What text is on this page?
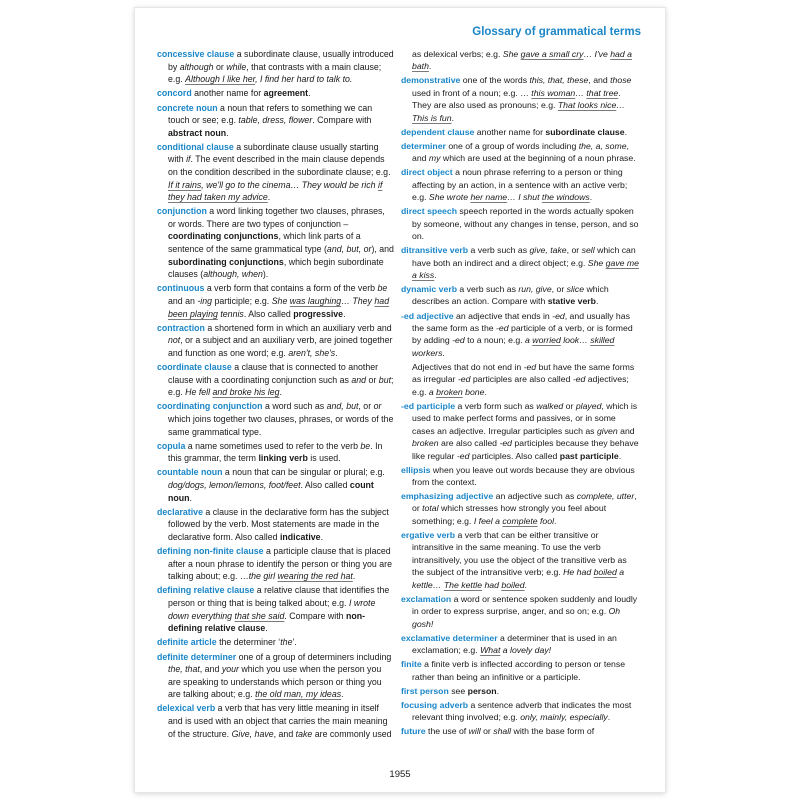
Glossary of grammatical terms

concessive clause a subordinate clause, usually introduced by although or while, that contrasts with a main clause; e.g. Although I like her, I find her hard to talk to.

concord another name for agreement.

concrete noun a noun that refers to something we can touch or see; e.g. table, dress, flower. Compare with abstract noun.

conditional clause a subordinate clause usually starting with if. The event described in the main clause depends on the condition described in the subordinate clause; e.g. If it rains, we'll go to the cinema… They would be rich if they had taken my advice.

conjunction a word linking together two clauses, phrases, or words. There are two types of conjunction – coordinating conjunctions, which link parts of a sentence of the same grammatical type (and, but, or), and subordinating conjunctions, which begin subordinate clauses (although, when).

continuous a verb form that contains a form of the verb be and an -ing participle; e.g. She was laughing… They had been playing tennis. Also called progressive.

contraction a shortened form in which an auxiliary verb and not, or a subject and an auxiliary verb, are joined together and function as one word; e.g. aren't, she's.

coordinate clause a clause that is connected to another clause with a coordinating conjunction such as and or but; e.g. He fell and broke his leg.

coordinating conjunction a word such as and, but, or or which joins together two clauses, phrases, or words of the same grammatical type.

copula a name sometimes used to refer to the verb be. In this grammar, the term linking verb is used.

countable noun a noun that can be singular or plural; e.g. dog/dogs, lemon/lemons, foot/feet. Also called count noun.

declarative a clause in the declarative form has the subject followed by the verb. Most statements are made in the declarative form. Also called indicative.

defining non-finite clause a participle clause that is placed after a noun phrase to identify the person or thing you are talking about; e.g. …the girl wearing the red hat.

defining relative clause a relative clause that identifies the person or thing that is being talked about; e.g. I wrote down everything that she said. Compare with non-defining relative clause.

definite article the determiner ‘the’.

definite determiner one of a group of determiners including the, that, and your which you use when the person you are speaking to understands which person or thing you are talking about; e.g. the old man, my ideas.

delexical verb a verb that has very little meaning in itself and is used with an object that carries the main meaning of the structure. Give, have, and take are commonly used

as delexical verbs; e.g. She gave a small cry… I've had a bath.

demonstrative one of the words this, that, these, and those used in front of a noun; e.g. … this woman… that tree. They are also used as pronouns; e.g. That looks nice… This is fun.

dependent clause another name for subordinate clause.

determiner one of a group of words including the, a, some, and my which are used at the beginning of a noun phrase.

direct object a noun phrase referring to a person or thing affecting by an action, in a sentence with an active verb; e.g. She wrote her name… I shut the windows.

direct speech speech reported in the words actually spoken by someone, without any changes in tense, person, and so on.

ditransitive verb a verb such as give, take, or sell which can have both an indirect and a direct object; e.g. She gave me a kiss.

dynamic verb a verb such as run, give, or slice which describes an action. Compare with stative verb.

-ed adjective an adjective that ends in -ed, and usually has the same form as the -ed participle of a verb, or is formed by adding -ed to a noun; e.g. a worried look… skilled workers.

Adjectives that do not end in -ed but have the same forms as irregular -ed participles are also called -ed adjectives; e.g. a broken bone.

-ed participle a verb form such as walked or played, which is used to make perfect forms and passives, or in some cases an adjective. Irregular participles such as given and broken are also called -ed participles because they behave like regular -ed participles. Also called past participle.

ellipsis when you leave out words because they are obvious from the context.

emphasizing adjective an adjective such as complete, utter, or total which stresses how strongly you feel about something; e.g. I feel a complete fool.

ergative verb a verb that can be either transitive or intransitive in the same meaning. To use the verb intransitively, you use the object of the transitive verb as the subject of the intransitive verb; e.g. He had boiled a kettle… The kettle had boiled.

exclamation a word or sentence spoken suddenly and loudly in order to express surprise, anger, and so on; e.g. Oh gosh!

exclamative determiner a determiner that is used in an exclamation; e.g. What a lovely day!

finite a finite verb is inflected according to person or tense rather than being an infinitive or a participle.

first person see person.

focusing adverb a sentence adverb that indicates the most relevant thing involved; e.g. only, mainly, especially.

future the use of will or shall with the base form of

1955
